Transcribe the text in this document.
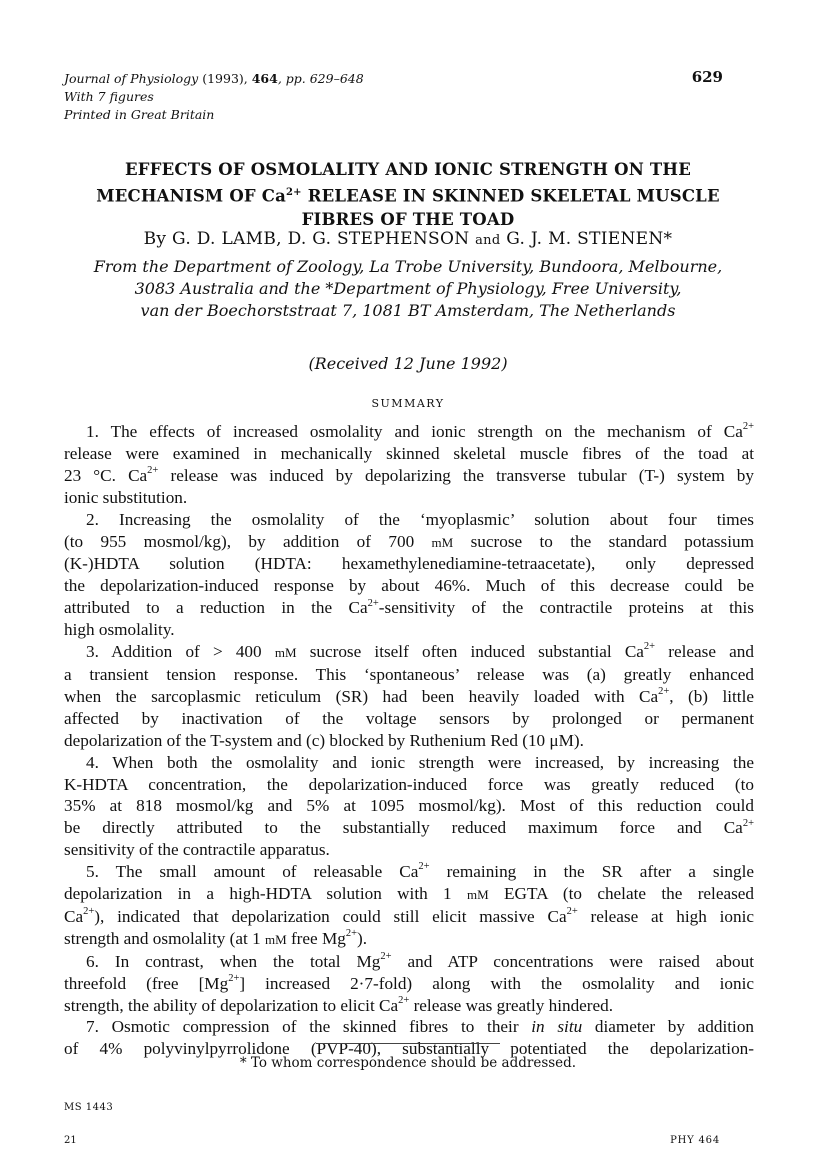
Journal of Physiology (1993), 464, pp. 629–648
With 7 figures
Printed in Great Britain
629
EFFECTS OF OSMOLALITY AND IONIC STRENGTH ON THE
MECHANISM OF $Ca^{2+}$ RELEASE IN SKINNED SKELETAL MUSCLE
FIBRES OF THE TOAD
By G. D. LAMB, D. G. STEPHENSON and G. J. M. STIENEN*
From the Department of Zoology, La Trobe University, Bundoora, Melbourne,
3083 Australia and the *Department of Physiology, Free University,
van der Boechorststraat 7, 1081 BT Amsterdam, The Netherlands
(Received 12 June 1992)
SUMMARY
1. The effects of increased osmolality and ionic strength on the mechanism of $Ca^{2+}$
release were examined in mechanically skinned skeletal muscle fibres of the toad at
23 °C. $Ca^{2+}$ release was induced by depolarizing the transverse tubular (T-) system by
ionic substitution.
2. Increasing the osmolality of the ‘myoplasmic’ solution about four times
(to 955 mosmol/kg), by addition of 700 mM sucrose to the standard potassium
(K-)HDTA solution (HDTA: hexamethylenediamine-tetraacetate), only depressed
the depolarization-induced response by about 46%. Much of this decrease could be
attributed to a reduction in the $Ca^{2+}$-sensitivity of the contractile proteins at this
high osmolality.
3. Addition of > 400 mM sucrose itself often induced substantial $Ca^{2+}$ release and
a transient tension response. This ‘spontaneous’ release was (a) greatly enhanced
when the sarcoplasmic reticulum (SR) had been heavily loaded with $Ca^{2+}$, (b) little
affected by inactivation of the voltage sensors by prolonged or permanent
depolarization of the T-system and (c) blocked by Ruthenium Red (10 μM).
4. When both the osmolality and ionic strength were increased, by increasing the
K-HDTA concentration, the depolarization-induced force was greatly reduced (to
35% at 818 mosmol/kg and 5% at 1095 mosmol/kg). Most of this reduction could
be directly attributed to the substantially reduced maximum force and $Ca^{2+}$
sensitivity of the contractile apparatus.
5. The small amount of releasable $Ca^{2+}$ remaining in the SR after a single
depolarization in a high-HDTA solution with 1 mM EGTA (to chelate the released
$Ca^{2+}$), indicated that depolarization could still elicit massive $Ca^{2+}$ release at high ionic
strength and osmolality (at 1 mM free $Mg^{2+}$).
6. In contrast, when the total $Mg^{2+}$ and ATP concentrations were raised about
threefold (free $[Mg^{2+}]$ increased 2·7-fold) along with the osmolality and ionic
strength, the ability of depolarization to elicit $Ca^{2+}$ release was greatly hindered.
7. Osmotic compression of the skinned fibres to their in situ diameter by addition
of 4% polyvinylpyrrolidone (PVP-40), substantially potentiated the depolarization-
* To whom correspondence should be addressed.
MS 1443
21	PHY 464
